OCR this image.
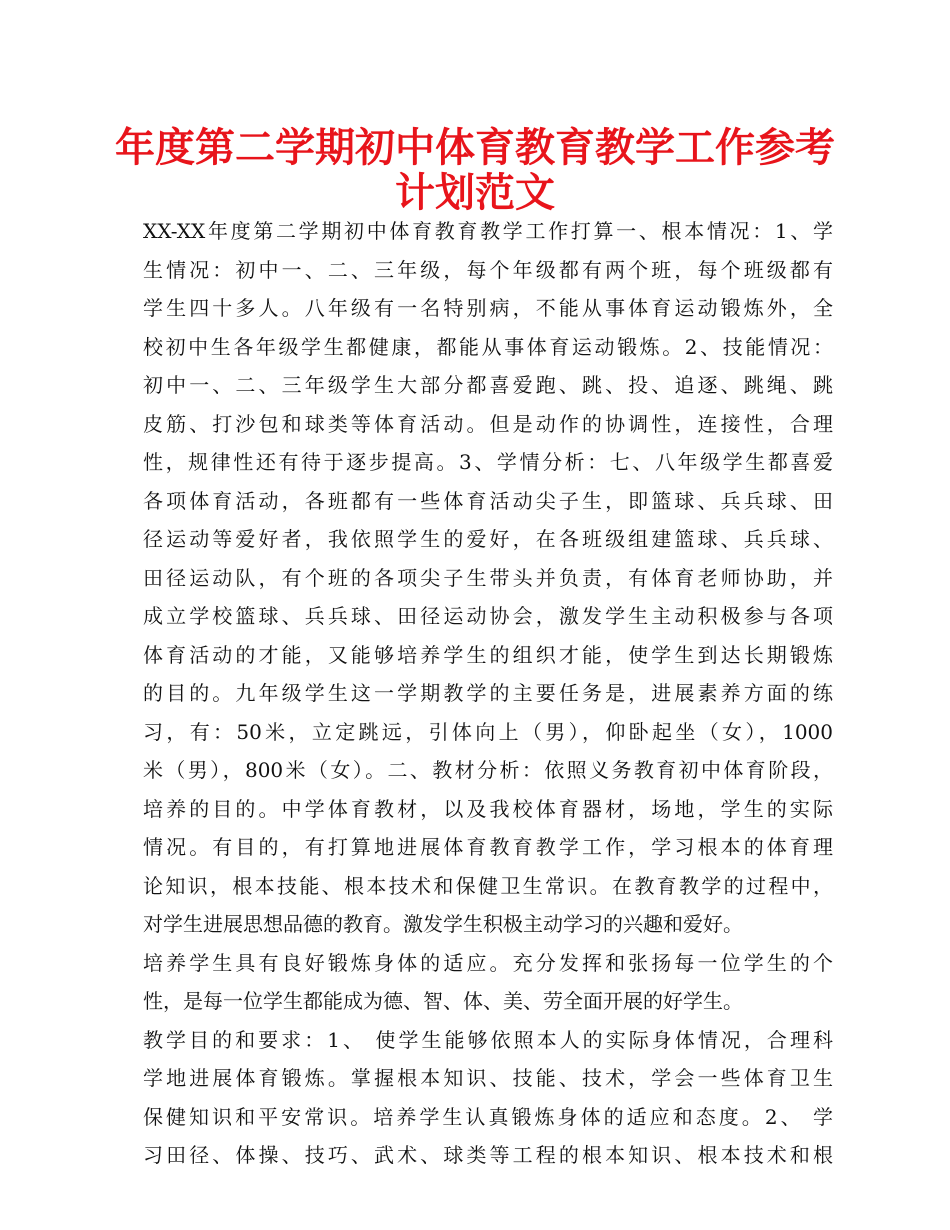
年度第二学期初中体育教育教学工作参考
计划范文
XX-XX年度第二学期初中体育教育教学工作打算一、根本情况：1、学
生情况：初中一、二、三年级，每个年级都有两个班，每个班级都有
学生四十多人。八年级有一名特别病，不能从事体育运动锻炼外，全
校初中生各年级学生都健康，都能从事体育运动锻炼。2、技能情况：
初中一、二、三年级学生大部分都喜爱跑、跳、投、追逐、跳绳、跳
皮筋、打沙包和球类等体育活动。但是动作的协调性，连接性，合理
性，规律性还有待于逐步提高。3、学情分析：七、八年级学生都喜爱
各项体育活动，各班都有一些体育活动尖子生，即篮球、兵兵球、田
径运动等爱好者，我依照学生的爱好，在各班级组建篮球、兵兵球、
田径运动队，有个班的各项尖子生带头并负责，有体育老师协助，并
成立学校篮球、兵兵球、田径运动协会，激发学生主动积极参与各项
体育活动的才能，又能够培养学生的组织才能，使学生到达长期锻炼
的目的。九年级学生这一学期教学的主要任务是，进展素养方面的练
习，有：50米，立定跳远，引体向上（男），仰卧起坐（女），1000
米（男），800米（女）。二、教材分析：依照义务教育初中体育阶段，
培养的目的。中学体育教材，以及我校体育器材，场地，学生的实际
情况。有目的，有打算地进展体育教育教学工作，学习根本的体育理
论知识，根本技能、根本技术和保健卫生常识。在教育教学的过程中，
对学生进展思想品德的教育。激发学生积极主动学习的兴趣和爱好。
培养学生具有良好锻炼身体的适应。充分发挥和张扬每一位学生的个
性，是每一位学生都能成为德、智、体、美、劳全面开展的好学生。
教学目的和要求：1、 使学生能够依照本人的实际身体情况，合理科
学地进展体育锻炼。掌握根本知识、技能、技术，学会一些体育卫生
保健知识和平安常识。培养学生认真锻炼身体的适应和态度。2、 学
习田径、体操、技巧、武术、球类等工程的根本知识、根本技术和根
